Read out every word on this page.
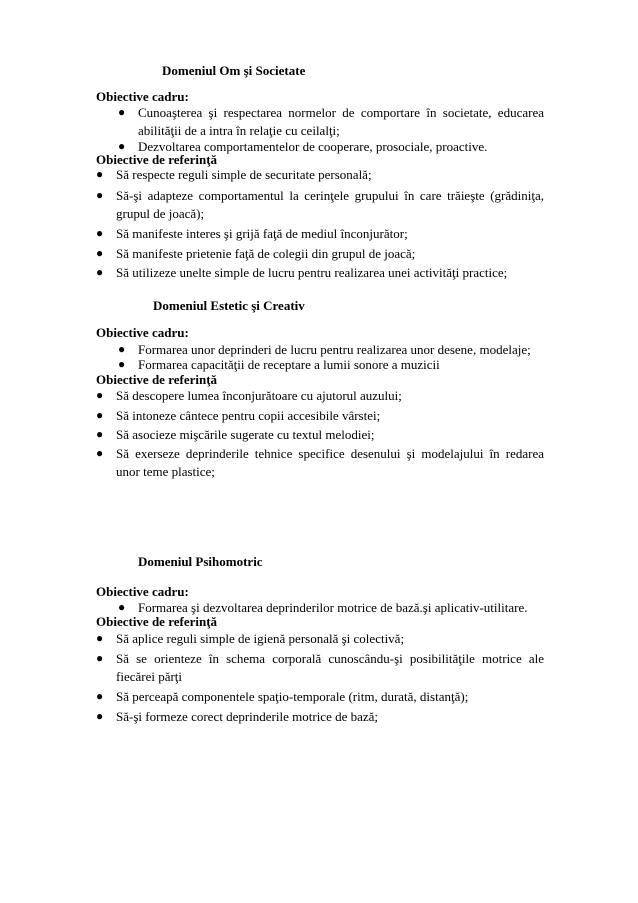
Domeniul Om şi Societate
Obiective cadru:
● Cunoaşterea şi respectarea normelor de comportare în societate, educarea abilităţii de a intra în relaţie cu ceilalţi;
● Dezvoltarea comportamentelor de cooperare, prosociale, proactive.
Obiective de referinţă
● Să respecte reguli simple de securitate personală;
● Să-şi adapteze comportamentul la cerinţele grupului în care trăieşte (grădiniţa, grupul de joacă);
● Să manifeste interes şi grijă faţă de mediul înconjurător;
● Să manifeste prietenie faţă de colegii din grupul de joacă;
● Să utilizeze unelte simple de lucru pentru realizarea unei activităţi practice;
Domeniul Estetic şi Creativ
Obiective cadru:
● Formarea unor deprinderi de lucru pentru realizarea unor desene, modelaje;
● Formarea capacităţii de receptare a lumii sonore a muzicii
Obiective de referinţă
● Să descopere lumea înconjurătoare cu ajutorul auzului;
● Să intoneze cântece pentru copii accesibile vârstei;
● Să asocieze mişcările sugerate cu textul melodiei;
● Să exerseze deprinderile tehnice specifice desenului şi modelajului în redarea unor teme plastice;
Domeniul Psihomotric
Obiective cadru:
● Formarea şi dezvoltarea deprinderilor motrice de bază.şi aplicativ-utilitare.
Obiective de referinţă
● Să aplice reguli simple de igienă personală şi colectivă;
● Să se orienteze în schema corporală cunoscându-şi posibilităţile motrice ale fiecărei părţi
● Să perceapă componentele spaţio-temporale (ritm, durată, distanţă);
● Să-şi formeze corect deprinderile motrice de bază;
